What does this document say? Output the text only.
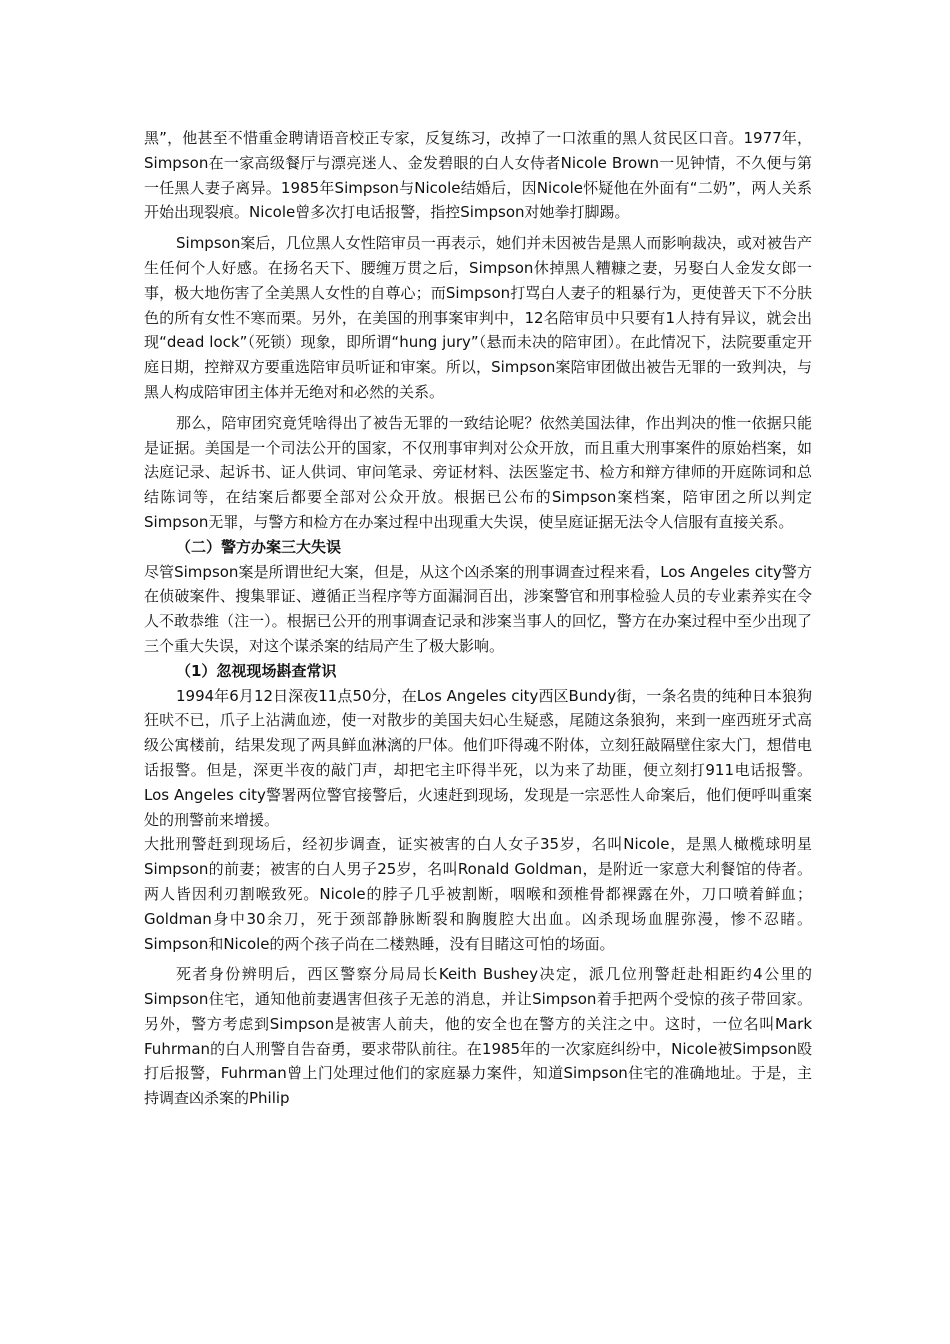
黑”，他甚至不惜重金聘请语音校正专家，反复练习，改掉了一口浓重的黑人贫民区口音。1977年，Simpson在一家高级餐厅与漂亮迷人、金发碧眼的白人女侍者Nicole Brown一见钟情，不久便与第一任黑人妻子离异。1985年Simpson与Nicole结婚后，因Nicole怀疑他在外面有“二奶”，两人关系开始出现裂痕。Nicole曾多次打电话报警，指控Simpson对她拳打脚踢。

Simpson案后，几位黑人女性陪审员一再表示，她们并未因被告是黑人而影响裁决，或对被告产生任何个人好感。在扬名天下、腰缠万贯之后，Simpson休掉黑人糟糠之妻，另娶白人金发女郎一事，极大地伤害了全美黑人女性的自尊心；而Simpson打骂白人妻子的粗暴行为，更使普天下不分肤色的所有女性不寒而栗。另外，在美国的刑事案审判中，12名陪审员中只要有1人持有异议，就会出现“dead lock”（死锁）现象，即所谓“hung jury”（悬而未决的陪审团）。在此情况下，法院要重定开庭日期，控辩双方要重选陪审员听证和审案。所以，Simpson案陪审团做出被告无罪的一致判决，与黑人构成陪审团主体并无绝对和必然的关系。

那么，陪审团究竟凭啥得出了被告无罪的一致结论呢？依然美国法律，作出判决的惟一依据只能是证据。美国是一个司法公开的国家，不仅刑事审判对公众开放，而且重大刑事案件的原始档案，如法庭记录、起诉书、证人供词、审问笔录、旁证材料、法医鉴定书、检方和辩方律师的开庭陈词和总结陈词等，在结案后都要全部对公众开放。根据已公布的Simpson案档案，陪审团之所以判定Simpson无罪，与警方和检方在办案过程中出现重大失误，使呈庭证据无法令人信服有直接关系。

（二）警方办案三大失误

尽管Simpson案是所谓世纪大案，但是，从这个凶杀案的刑事调查过程来看，Los Angeles city警方在侦破案件、搜集罪证、遵循正当程序等方面漏洞百出，涉案警官和刑事检验人员的专业素养实在令人不敢恭维（注一）。根据已公开的刑事调查记录和涉案当事人的回忆，警方在办案过程中至少出现了三个重大失误，对这个谋杀案的结局产生了极大影响。

（1）忽视现场斟查常识

1994年6月12日深夜11点50分，在Los Angeles city西区Bundy街，一条名贵的纯种日本狼狗狂吠不已，爪子上沾满血迹，使一对散步的美国夫妇心生疑惑，尾随这条狼狗，来到一座西班牙式高级公寓楼前，结果发现了两具鲜血淋漓的尸体。他们吓得魂不附体，立刻狂敲隔壁住家大门，想借电话报警。但是，深更半夜的敲门声，却把宅主吓得半死，以为来了劫匪，便立刻打911电话报警。Los Angeles city警署两位警官接警后，火速赶到现场，发现是一宗恶性人命案后，他们便呼叫重案处的刑警前来增援。

大批刑警赶到现场后，经初步调查，证实被害的白人女子35岁，名叫Nicole，是黑人橄榄球明星Simpson的前妻；被害的白人男子25岁，名叫Ronald Goldman，是附近一家意大利餐馆的侍者。两人皆因利刃割喉致死。Nicole的脖子几乎被割断，咽喉和颈椎骨都裸露在外，刀口喷着鲜血；Goldman身中30余刀，死于颈部静脉断裂和胸腹腔大出血。凶杀现场血腥弥漫，惨不忍睹。Simpson和Nicole的两个孩子尚在二楼熟睡，没有目睹这可怕的场面。

死者身份辨明后，西区警察分局局长Keith Bushey决定，派几位刑警赶赴相距约4公里的Simpson住宅，通知他前妻遇害但孩子无恙的消息，并让Simpson着手把两个受惊的孩子带回家。另外，警方考虑到Simpson是被害人前夫，他的安全也在警方的关注之中。这时，一位名叫Mark Fuhrman的白人刑警自告奋勇，要求带队前往。在1985年的一次家庭纠纷中，Nicole被Simpson殴打后报警，Fuhrman曾上门处理过他们的家庭暴力案件，知道Simpson住宅的准确地址。于是，主持调查凶杀案的Philip
